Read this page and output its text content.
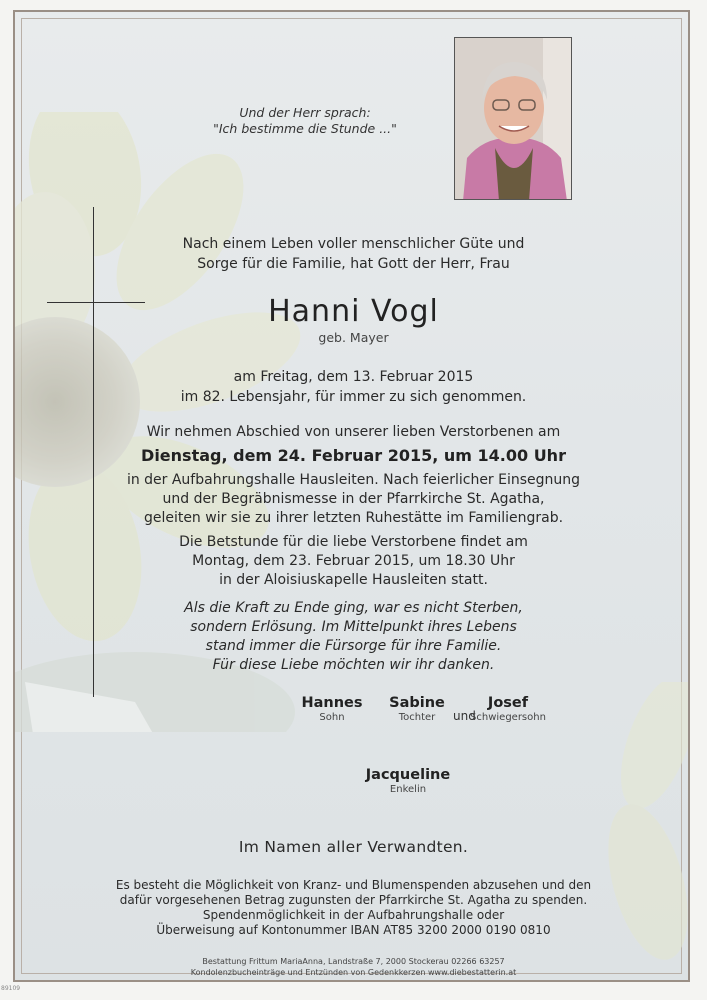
Und der Herr sprach:
"Ich bestimme die Stunde ..."
Nach einem Leben voller menschlicher Güte und
Sorge für die Familie, hat Gott der Herr, Frau
Hanni Vogl
geb. Mayer
am Freitag, dem 13. Februar 2015
im 82. Lebensjahr, für immer zu sich genommen.
Wir nehmen Abschied von unserer lieben Verstorbenen am
Dienstag, dem 24. Februar 2015, um 14.00 Uhr
in der Aufbahrungshalle Hausleiten. Nach feierlicher Einsegnung
und der Begräbnismesse in der Pfarrkirche St. Agatha,
geleiten wir sie zu ihrer letzten Ruhestätte im Familiengrab.
Die Betstunde für die liebe Verstorbene findet am
Montag, dem 23. Februar 2015, um 18.30 Uhr
in der Aloisiuskapelle Hausleiten statt.
Als die Kraft zu Ende ging, war es nicht Sterben,
sondern Erlösung. Im Mittelpunkt ihres Lebens
stand immer die Fürsorge für ihre Familie.
Für diese Liebe möchten wir ihr danken.
Hannes
Sohn
Sabine
Tochter	und
Josef
Schwiegersohn
Jacqueline
Enkelin
Im Namen aller Verwandten.
Es besteht die Möglichkeit von Kranz- und Blumenspenden abzusehen und den
dafür vorgesehenen Betrag zugunsten der Pfarrkirche St. Agatha zu spenden.
Spendenmöglichkeit in der Aufbahrungshalle oder
Überweisung auf Kontonummer IBAN AT85 3200 2000 0190 0810
Bestattung Frittum MariaAnna, Landstraße 7, 2000 Stockerau 02266 63257
Kondolenzbucheinträge und Entzünden von Gedenkkerzen www.diebestatterin.at
89109
